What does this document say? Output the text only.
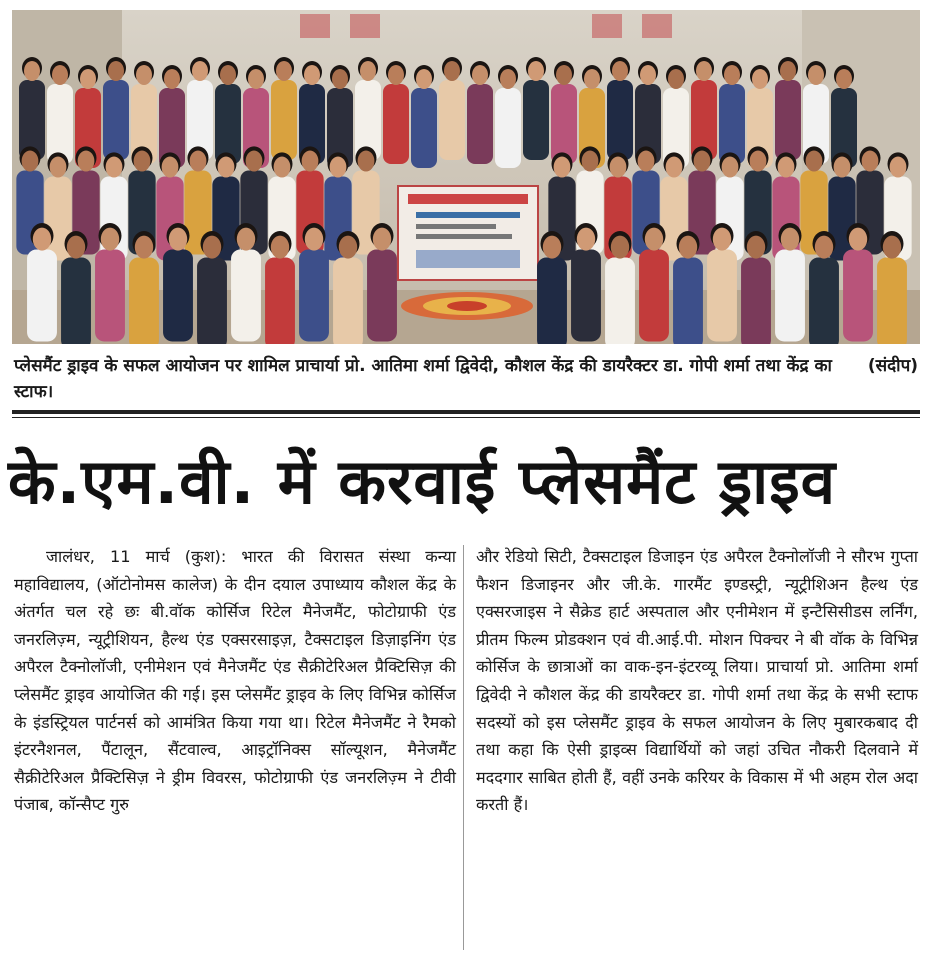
(संदीप)
प्लेसमैंट ड्राइव के सफल आयोजन पर शामिल प्राचार्या प्रो. आतिमा शर्मा द्विवेदी, कौशल केंद्र की डायरैक्टर डा. गोपी शर्मा तथा केंद्र का स्टाफ।
के.एम.वी. में करवाई प्लेसमैंट ड्राइव
जालंधर, 11 मार्च (कुश): भारत की विरासत संस्था कन्या महाविद्यालय, (ऑटोनोमस कालेज) के दीन दयाल उपाध्याय कौशल केंद्र के अंतर्गत चल रहे छः बी.वॉक कोर्सिज रिटेल मैनेजमैंट, फोटोग्राफी एंड जनरलिज़्म, न्यूट्रीशियन, हैल्थ एंड एक्सरसाइज़, टैक्सटाइल डिज़ाइनिंग एंड अपैरल टैक्नोलॉजी, एनीमेशन एवं मैनेजमैंट एंड सैक्रीटेरिअल प्रैक्टिसिज़ की प्लेसमैंट ड्राइव आयोजित की गई। इस प्लेसमैंट ड्राइव के लिए विभिन्न कोर्सिज के इंडस्ट्रियल पार्टनर्स को आमंत्रित किया गया था। रिटेल मैनेजमैंट ने रैमको इंटरनैशनल, पैंटालून, सैंटवाल्व, आइट्रॉनिक्स सॉल्यूशन, मैनेजमैंट सैक्रीटेरिअल प्रैक्टिसिज़ ने ड्रीम विवरस, फोटोग्राफी एंड जनरलिज़्म ने टीवी पंजाब, कॉन्सैप्ट गुरु
और रेडियो सिटी, टैक्सटाइल डिजाइन एंड अपैरल टैक्नोलॉजी ने सौरभ गुप्ता फैशन डिजाइनर और जी.के. गारमैंट इण्डस्ट्री, न्यूट्रीशिअन हैल्थ एंड एक्सरजाइस ने सैक्रेड हार्ट अस्पताल और एनीमेशन में इन्टैसिसीडस लर्निंग, प्रीतम फिल्म प्रोडक्शन एवं वी.आई.पी. मोशन पिक्चर ने बी वॉक के विभिन्न कोर्सिज के छात्राओं का वाक-इन-इंटरव्यू लिया। प्राचार्या प्रो. आतिमा शर्मा द्विवेदी ने कौशल केंद्र की डायरैक्टर डा. गोपी शर्मा तथा केंद्र के सभी स्टाफ सदस्यों को इस प्लेसमैंट ड्राइव के सफल आयोजन के लिए मुबारकबाद दी तथा कहा कि ऐसी ड्राइव्स विद्यार्थियों को जहां उचित नौकरी दिलवाने में मददगार साबित होती हैं, वहीं उनके करियर के विकास में भी अहम रोल अदा करती हैं।
